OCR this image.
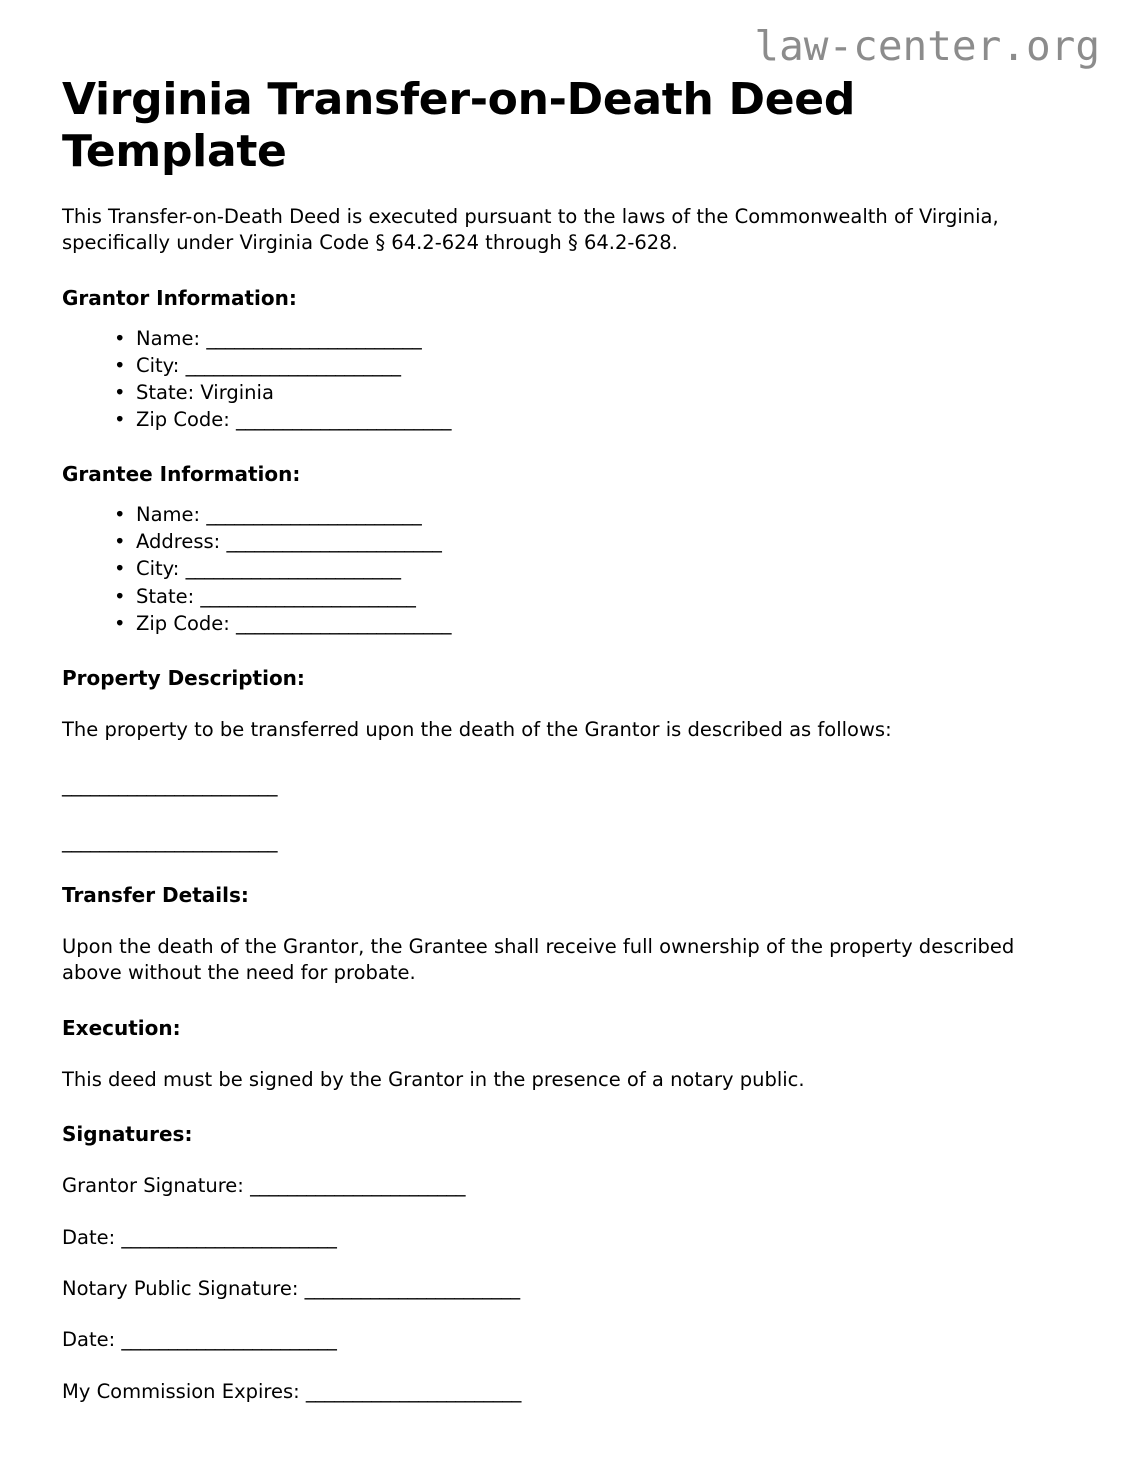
law-center.org
Virginia Transfer-on-Death Deed Template

This Transfer-on-Death Deed is executed pursuant to the laws of the Commonwealth of Virginia, specifically under Virginia Code § 64.2-624 through § 64.2-628.

Grantor Information:
• Name: _______________________
• City: _______________________
• State: Virginia
• Zip Code: _______________________
Grantee Information:
• Name: _______________________
• Address: _______________________
• City: _______________________
• State: _______________________
• Zip Code: _______________________
Property Description:

The property to be transferred upon the death of the Grantor is described as follows:

_______________________
_______________________
Transfer Details:

Upon the death of the Grantor, the Grantee shall receive full ownership of the property described above without the need for probate.

Execution:

This deed must be signed by the Grantor in the presence of a notary public.

Signatures:
Grantor Signature: _______________________
Date: _______________________
Notary Public Signature: _______________________
Date: _______________________
My Commission Expires: _______________________
